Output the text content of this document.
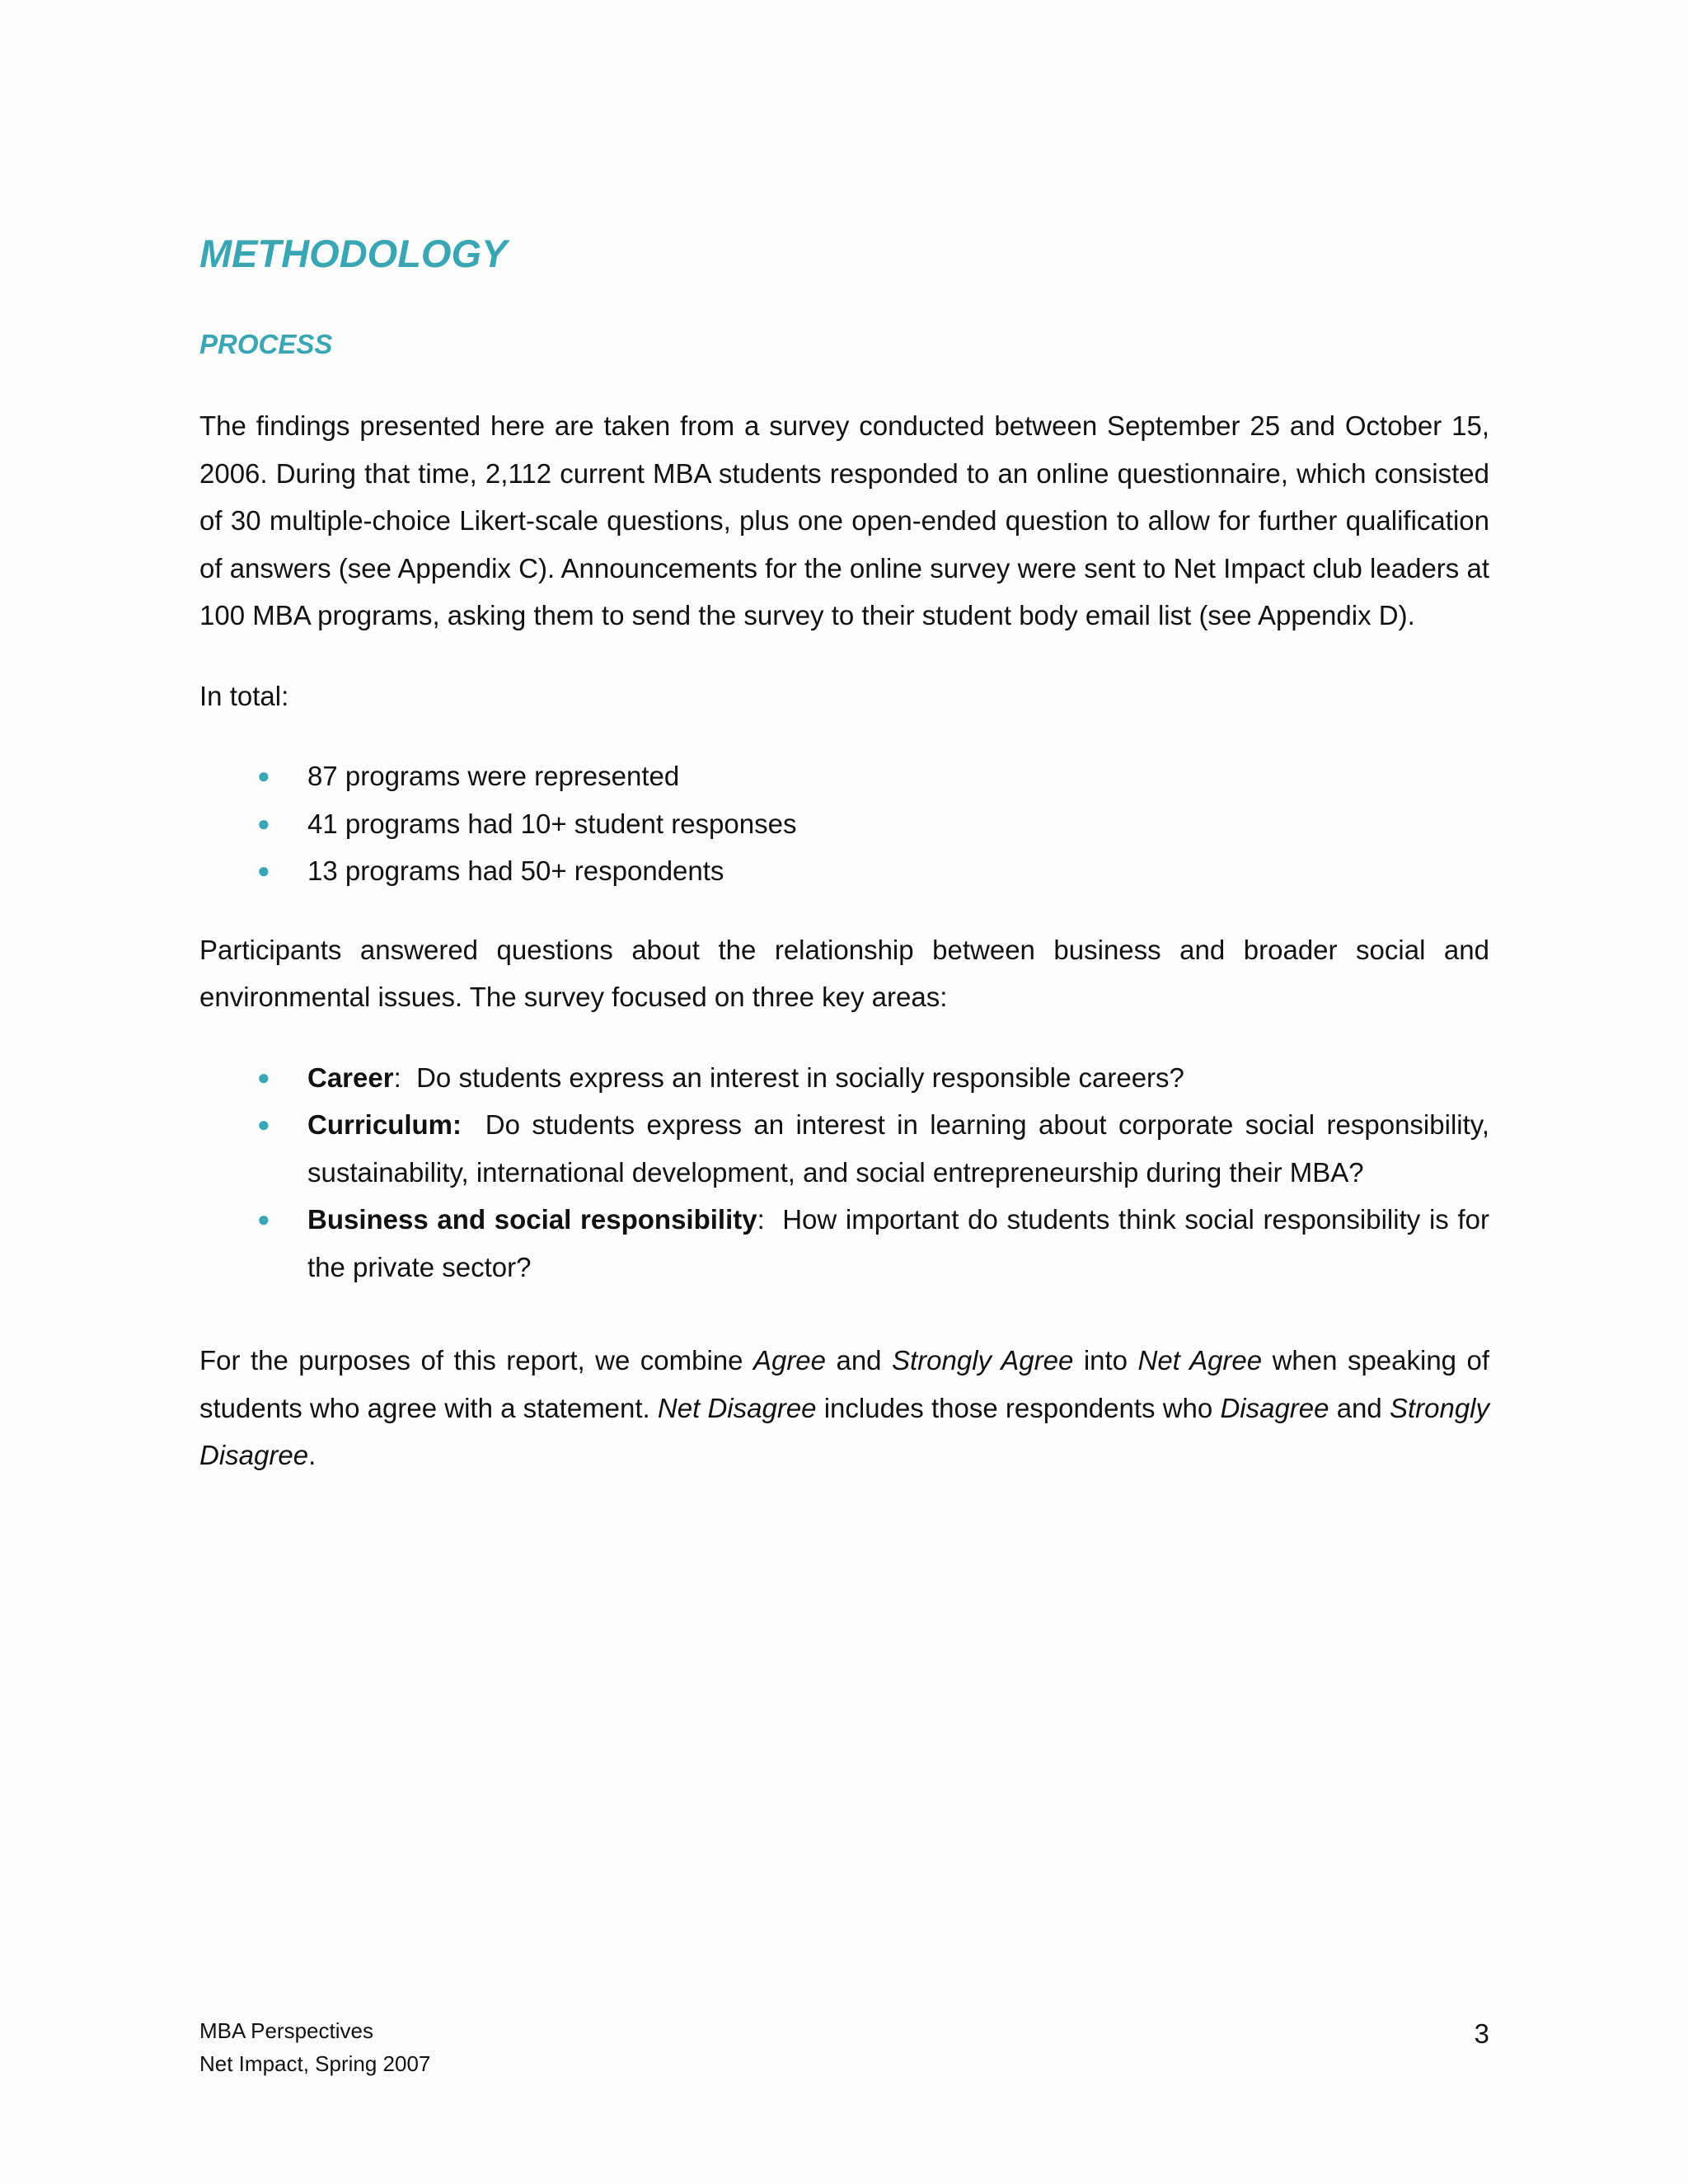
METHODOLOGY
PROCESS

The findings presented here are taken from a survey conducted between September 25 and October 15, 2006. During that time, 2,112 current MBA students responded to an online questionnaire, which consisted of 30 multiple-choice Likert-scale questions, plus one open-ended question to allow for further qualification of answers (see Appendix C). Announcements for the online survey were sent to Net Impact club leaders at 100 MBA programs, asking them to send the survey to their student body email list (see Appendix D).

In total:

●
87 programs were represented
●
41 programs had 10+ student responses
●
13 programs had 50+ respondents

Participants answered questions about the relationship between business and broader social and environmental issues. The survey focused on three key areas:

●
Career:  Do students express an interest in socially responsible careers?
●
Curriculum: Do students express an interest in learning about corporate social responsibility, sustainability, international development, and social entrepreneurship during their MBA?
●
Business and social responsibility:  How important do students think social responsibility is for the private sector?

For the purposes of this report, we combine Agree and Strongly Agree into Net Agree when speaking of students who agree with a statement. Net Disagree includes those respondents who Disagree and Strongly Disagree.

MBA Perspectives
Net Impact, Spring 2007
3
